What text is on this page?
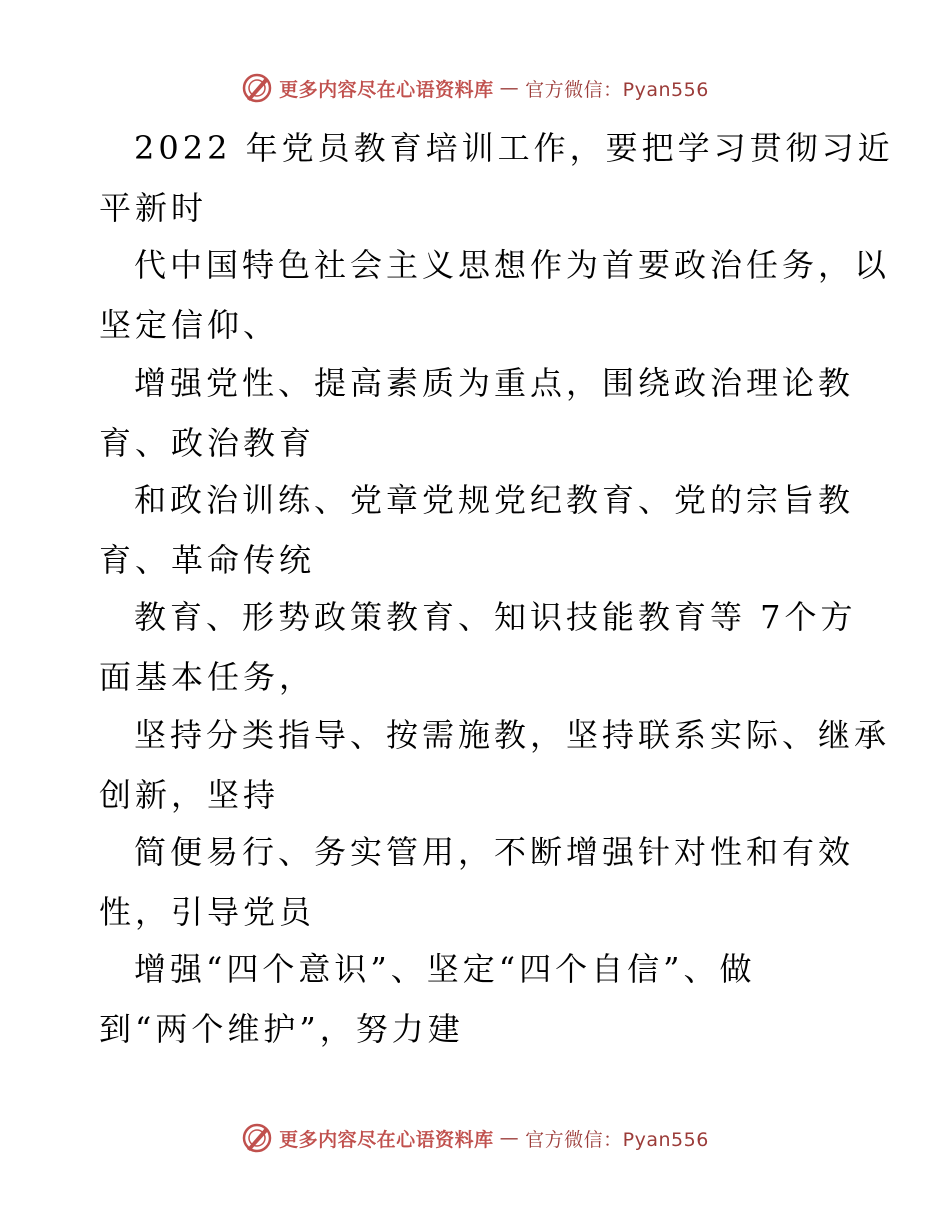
更多内容尽在心语资料库 — 官方微信：Pyan556
2022 年党员教育培训工作，要把学习贯彻习近
平新时
代中国特色社会主义思想作为首要政治任务，以
坚定信仰、
增强党性、提高素质为重点，围绕政治理论教
育、政治教育
和政治训练、党章党规党纪教育、党的宗旨教
育、革命传统
教育、形势政策教育、知识技能教育等 7个方
面基本任务，
坚持分类指导、按需施教，坚持联系实际、继承
创新，坚持
简便易行、务实管用，不断增强针对性和有效
性，引导党员
增强“四个意识”、坚定“四个自信”、做
到“两个维护”，努力建
更多内容尽在心语资料库 — 官方微信：Pyan556
